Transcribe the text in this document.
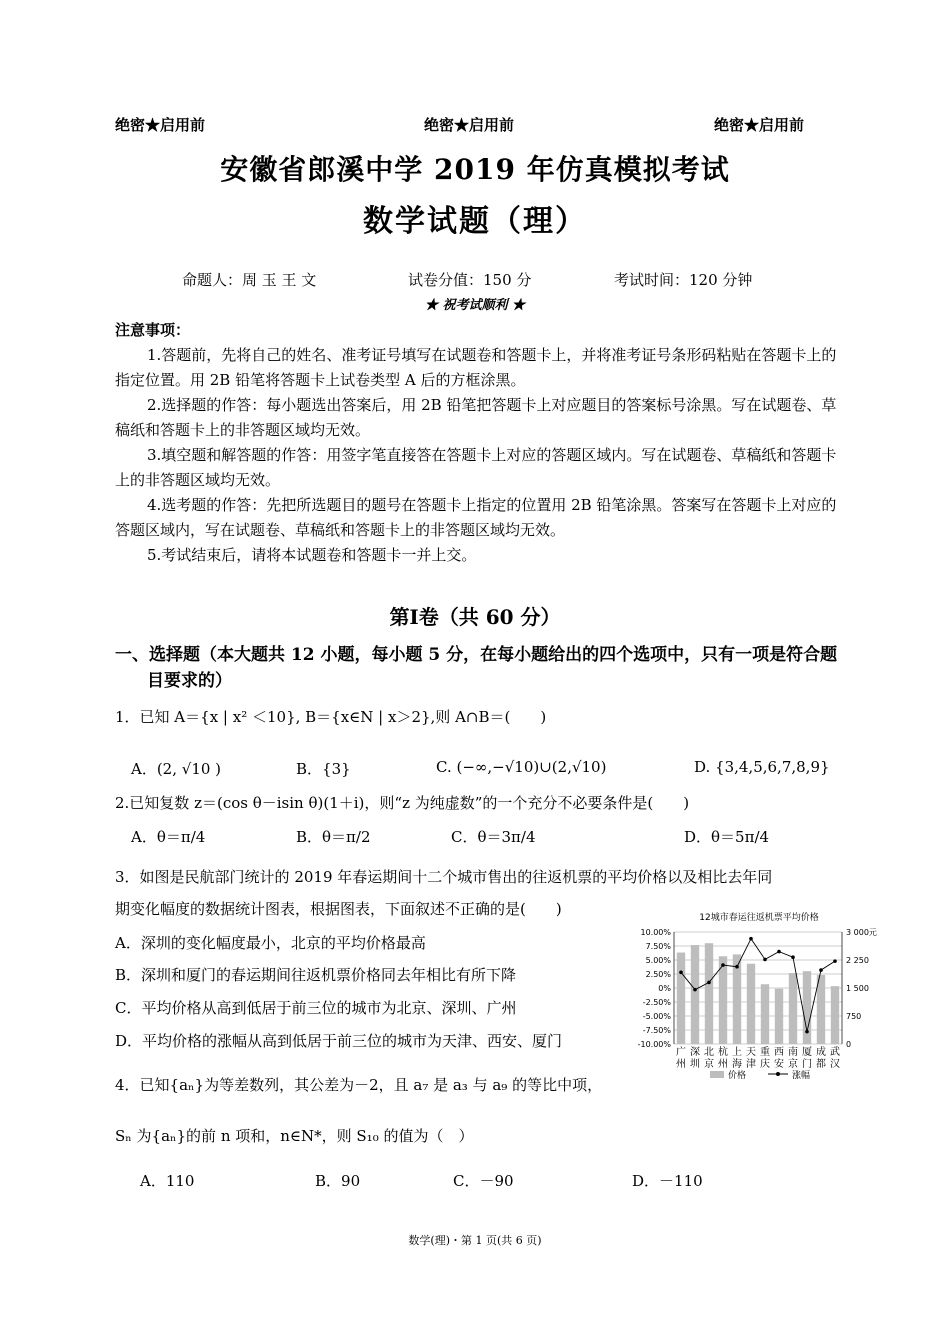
绝密★启用前	绝密★启用前	绝密★启用前
安徽省郎溪中学 2019 年仿真模拟考试
数学试题（理）
命题人：周 玉 王 文	试卷分值：150 分	考试时间：120 分钟
★ 祝考试顺利 ★
注意事项：
1.答题前，先将自己的姓名、准考证号填写在试题卷和答题卡上，并将准考证号条形码粘贴在答题卡上的指定位置。用 2B 铅笔将答题卡上试卷类型 A 后的方框涂黑。
2.选择题的作答：每小题选出答案后，用 2B 铅笔把答题卡上对应题目的答案标号涂黑。写在试题卷、草稿纸和答题卡上的非答题区域均无效。
3.填空题和解答题的作答：用签字笔直接答在答题卡上对应的答题区域内。写在试题卷、草稿纸和答题卡上的非答题区域均无效。
4.选考题的作答：先把所选题目的题号在答题卡上指定的位置用 2B 铅笔涂黑。答案写在答题卡上对应的答题区域内，写在试题卷、草稿纸和答题卡上的非答题区域均无效。
5.考试结束后，请将本试题卷和答题卡一并上交。
第Ⅰ卷（共 60 分）
一、选择题（本大题共 12 小题，每小题 5 分，在每小题给出的四个选项中，只有一项是符合题目要求的）
1．已知 A＝{x | x² ＜10}, B＝{x∈N | x＞2},则 A∩B＝(　　)
A．(2, √10 )	B．{3}	C. (−∞,−√10)∪(2,√10)	D. {3,4,5,6,7,8,9}
2.已知复数 z＝(cos θ－isin θ)(1＋i)，则“z 为纯虚数”的一个充分不必要条件是(　　)
A．θ＝π/4	B．θ＝π/2	C．θ＝3π/4	D．θ＝5π/4
3．如图是民航部门统计的 2019 年春运期间十二个城市售出的往返机票的平均价格以及相比去年同
期变化幅度的数据统计图表，根据图表，下面叙述不正确的是(　　)
A．深圳的变化幅度最小，北京的平均价格最高
B．深圳和厦门的春运期间往返机票价格同去年相比有所下降
C．平均价格从高到低居于前三位的城市为北京、深圳、广州
D．平均价格的涨幅从高到低居于前三位的城市为天津、西安、厦门
12城市春运往返机票平均价格
10.00%
7.50%
5.00%
2.50%
0%
-2.50%
-5.00%
-7.50%
-10.00%
3 000元
2 250
1 500
750
0
广
州
深
圳
北
京
杭
州
上
海
天
津
重
庆
西
安
南
京
厦
门
成
都
武
汉
价格	涨幅
4．已知{aₙ}为等差数列，其公差为－2，且 a₇ 是 a₃ 与 a₉ 的等比中项，
Sₙ 为{aₙ}的前 n 项和，n∈N*，则 S₁₀ 的值为（　）
A．110	B．90	C．－90	D．－110
数学(理)・第 1 页(共 6 页)
